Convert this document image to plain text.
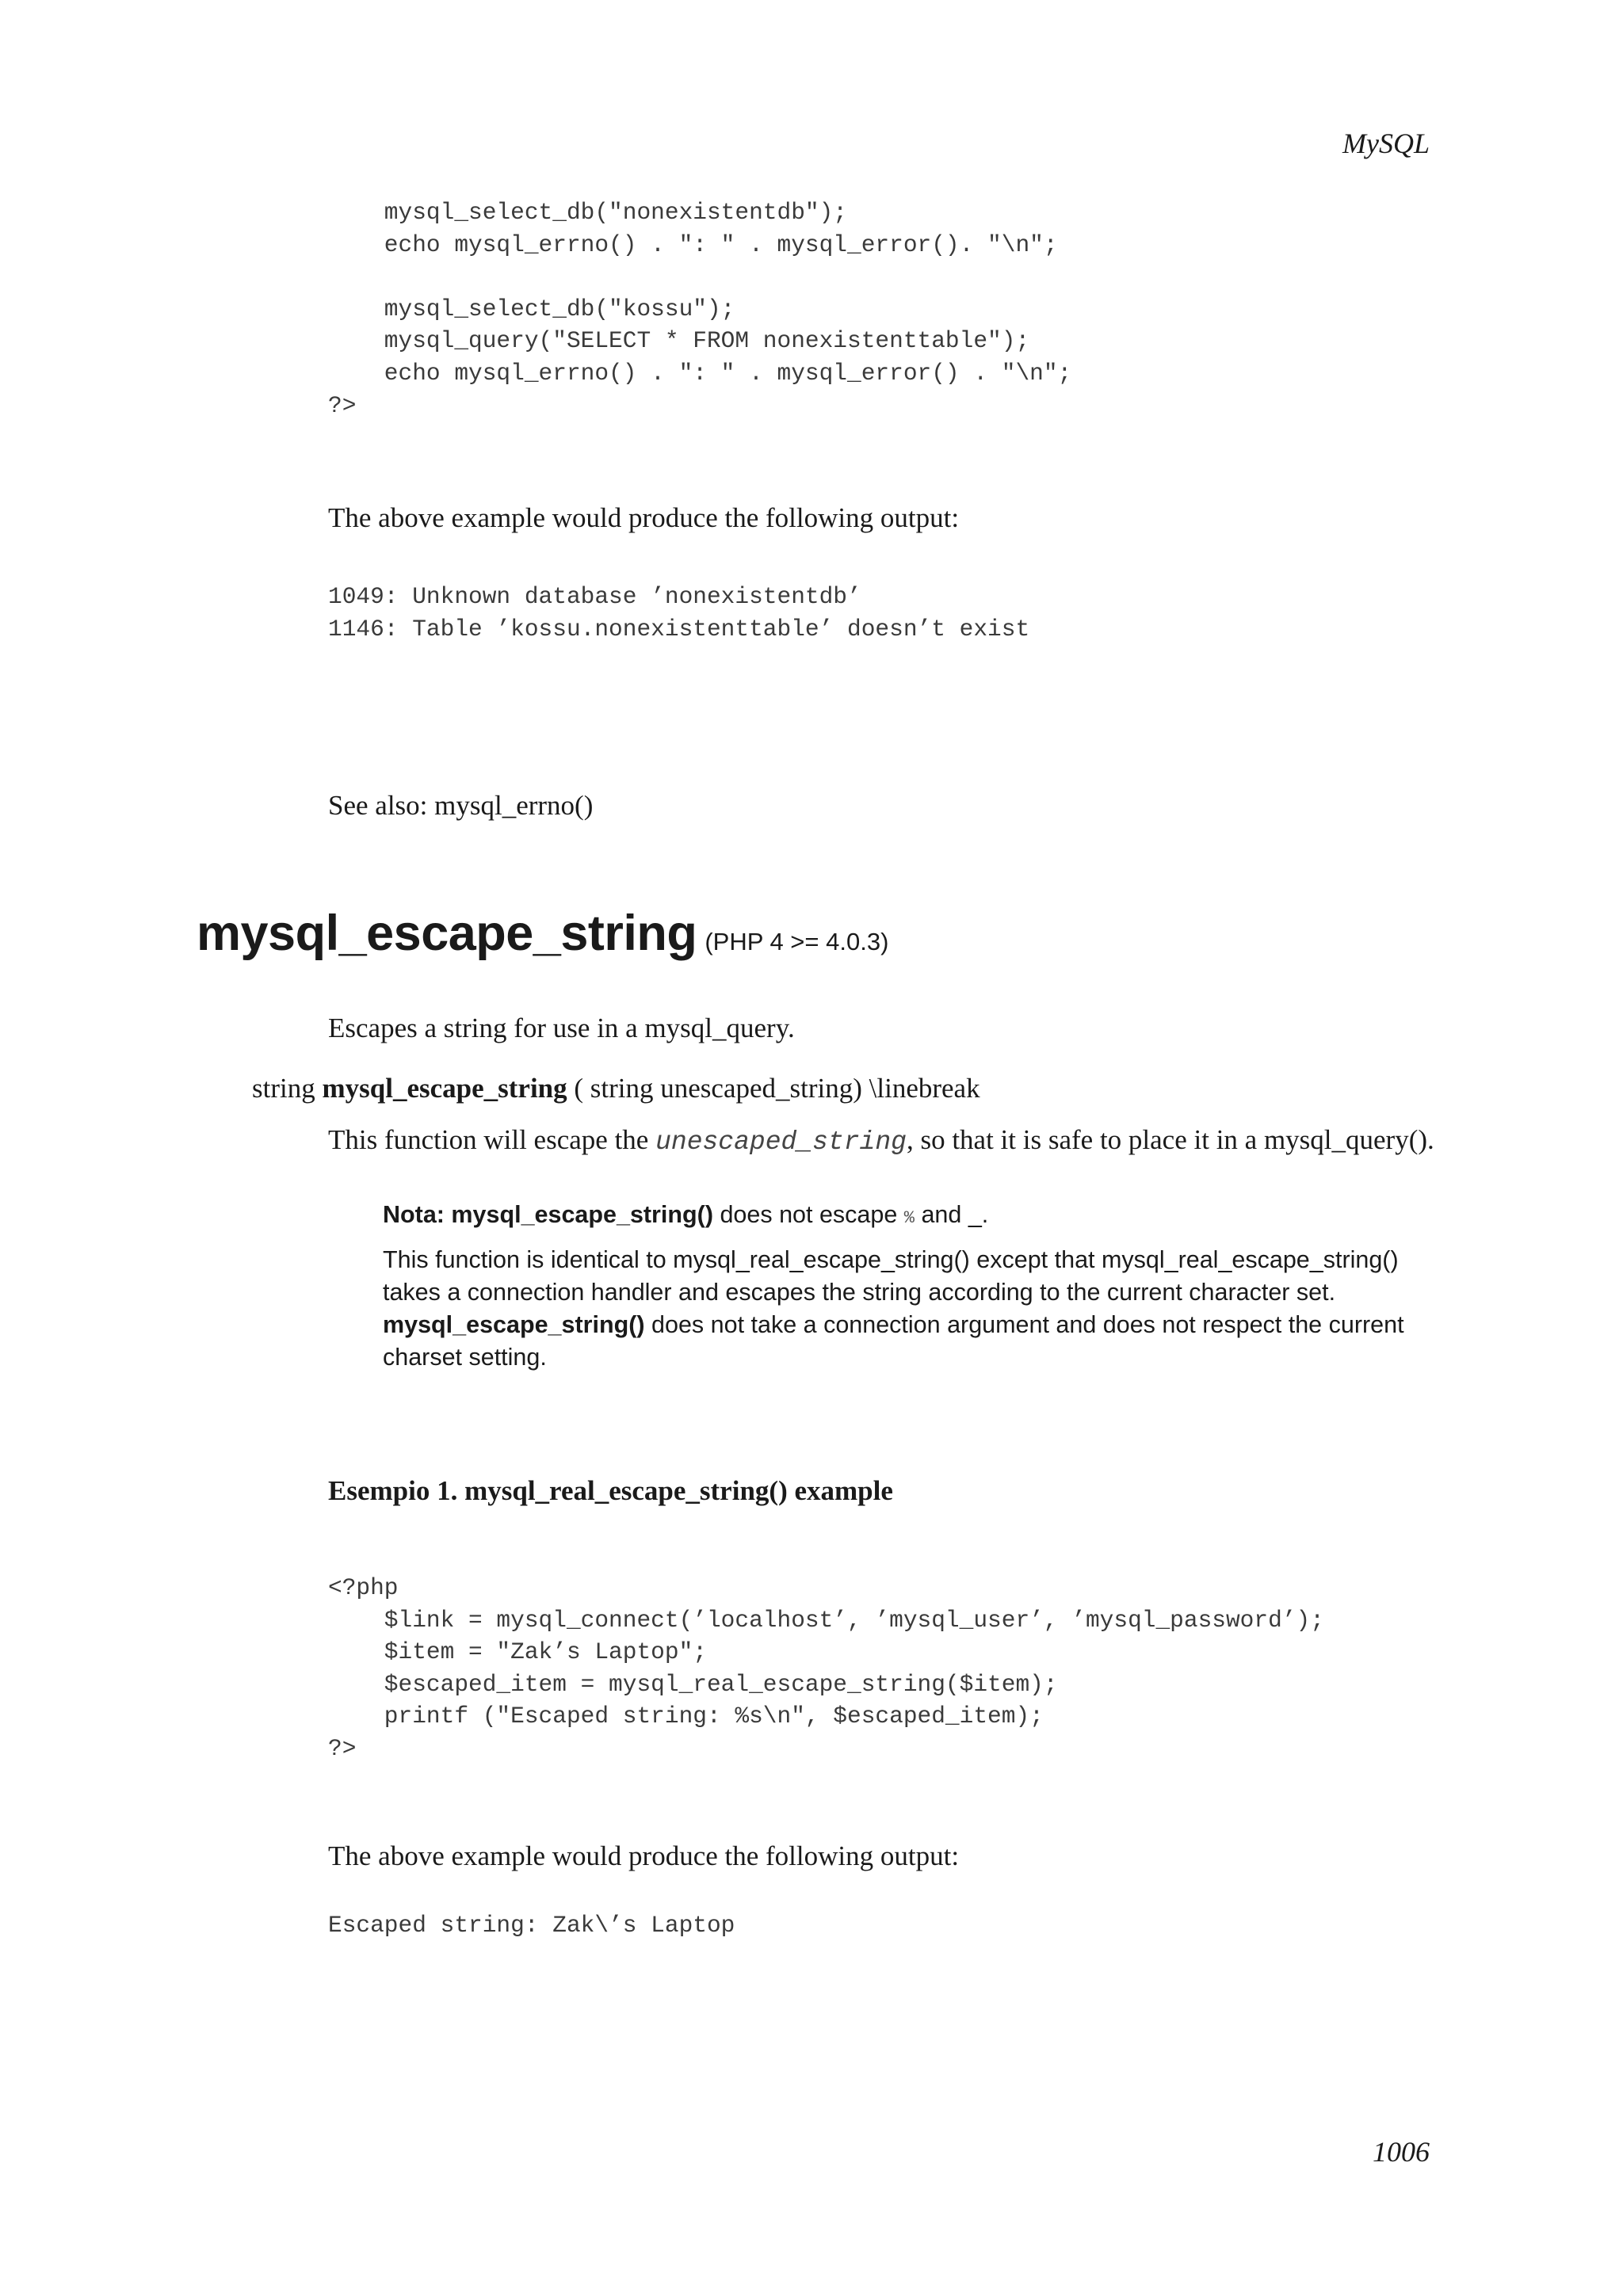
MySQL
mysql_select_db("nonexistentdb");
echo mysql_errno() . ": " . mysql_error(). "\n";

mysql_select_db("kossu");
mysql_query("SELECT * FROM nonexistenttable");
echo mysql_errno() . ": " . mysql_error() . "\n";
?>
The above example would produce the following output:
1049: Unknown database ’nonexistentdb’
1146: Table ’kossu.nonexistenttable’ doesn’t exist
See also: mysql_errno()
mysql_escape_string (PHP 4 >= 4.0.3)
Escapes a string for use in a mysql_query.
string mysql_escape_string ( string unescaped_string) \linebreak
This function will escape the unescaped_string, so that it is safe to place it in a mysql_query().
Nota: mysql_escape_string() does not escape % and _.
This function is identical to mysql_real_escape_string() except that mysql_real_escape_string()
takes a connection handler and escapes the string according to the current character set.
mysql_escape_string() does not take a connection argument and does not respect the current
charset setting.
Esempio 1. mysql_real_escape_string() example
<?php
$link = mysql_connect(’localhost’, ’mysql_user’, ’mysql_password’);
$item = "Zak’s Laptop";
$escaped_item = mysql_real_escape_string($item);
printf ("Escaped string: %s\n", $escaped_item);
?>
The above example would produce the following output:
Escaped string: Zak\’s Laptop
1006
